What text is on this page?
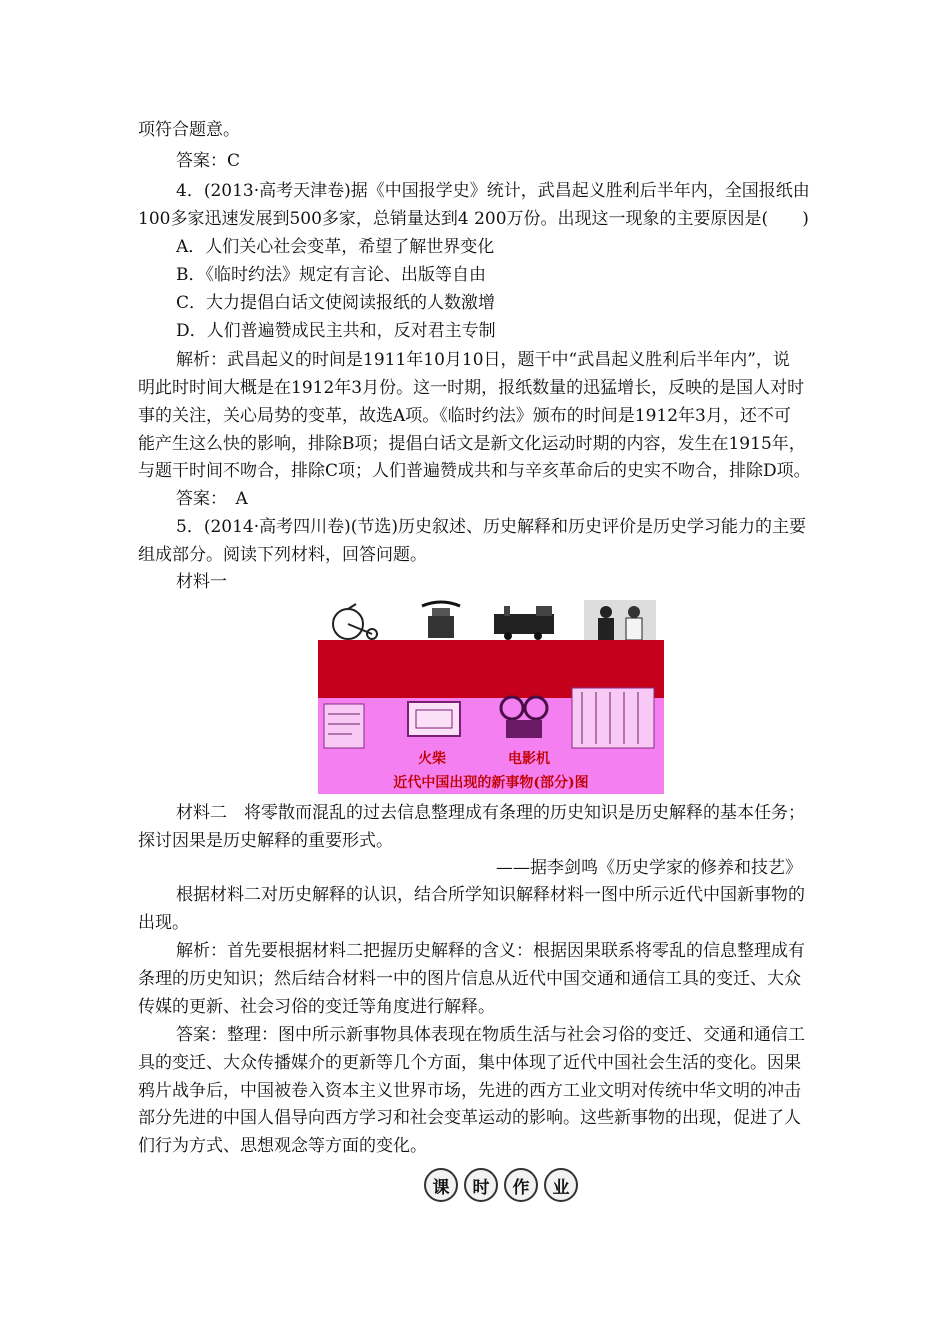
项符合题意。
答案：C
4．(2013·高考天津卷)据《中国报学史》统计，武昌起义胜利后半年内，全国报纸由
100多家迅速发展到500多家，总销量达到4 200万份。出现这一现象的主要原因是(　　)
A．人们关心社会变革，希望了解世界变化
B．《临时约法》规定有言论、出版等自由
C．大力提倡白话文使阅读报纸的人数激增
D．人们普遍赞成民主共和，反对君主专制
解析：武昌起义的时间是1911年10月10日，题干中“武昌起义胜利后半年内”，说
明此时时间大概是在1912年3月份。这一时期，报纸数量的迅猛增长，反映的是国人对时
事的关注，关心局势的变革，故选A项。《临时约法》颁布的时间是1912年3月，还不可
能产生这么快的影响，排除B项；提倡白话文是新文化运动时期的内容，发生在1915年，
与题干时间不吻合，排除C项；人们普遍赞成共和与辛亥革命后的史实不吻合，排除D项。
答案：　A
5．(2014·高考四川卷)(节选)历史叙述、历史解释和历史评价是历史学习能力的主要
组成部分。阅读下列材料，回答问题。
材料一
火柴	电影机
近代中国出现的新事物(部分)图
材料二　将零散而混乱的过去信息整理成有条理的历史知识是历史解释的基本任务；
探讨因果是历史解释的重要形式。
——据李剑鸣《历史学家的修养和技艺》
根据材料二对历史解释的认识，结合所学知识解释材料一图中所示近代中国新事物的
出现。
解析：首先要根据材料二把握历史解释的含义：根据因果联系将零乱的信息整理成有
条理的历史知识；然后结合材料一中的图片信息从近代中国交通和通信工具的变迁、大众
传媒的更新、社会习俗的变迁等角度进行解释。
答案：整理：图中所示新事物具体表现在物质生活与社会习俗的变迁、交通和通信工
具的变迁、大众传播媒介的更新等几个方面，集中体现了近代中国社会生活的变化。因果
鸦片战争后，中国被卷入资本主义世界市场，先进的西方工业文明对传统中华文明的冲击
部分先进的中国人倡导向西方学习和社会变革运动的影响。这些新事物的出现，促进了人
们行为方式、思想观念等方面的变化。
课	时	作	业
